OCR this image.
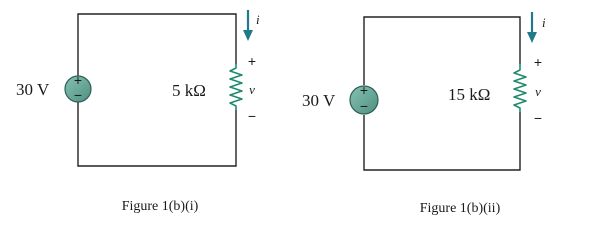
+
−
30 V	5 kΩ
+
v
−
i
Figure 1(b)(i)
+
−
30 V	15 kΩ
+
v
−
i
Figure 1(b)(ii)
